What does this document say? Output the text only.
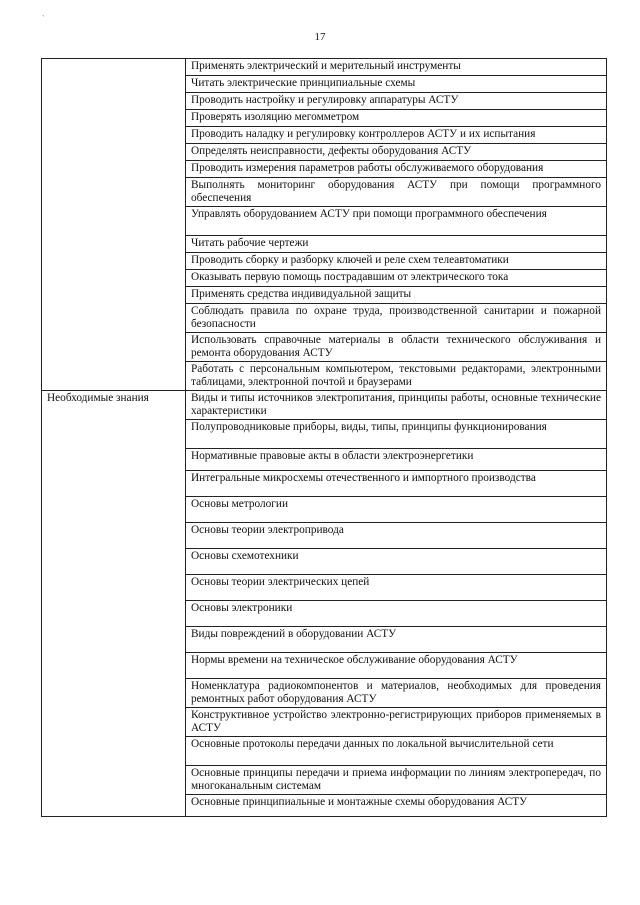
`
17
	Применять электрический и мерительный инструменты
	Читать электрические принципиальные схемы
	Проводить настройку и регулировку аппаратуры АСТУ
	Проверять изоляцию мегомметром
	Проводить наладку и регулировку контроллеров АСТУ и их испытания
	Определять неисправности, дефекты оборудования АСТУ
	Проводить измерения параметров работы обслуживаемого оборудования
	Выполнять мониторинг оборудования АСТУ при помощи программного обеспечения
	Управлять оборудованием АСТУ при помощи программного обеспечения
	Читать рабочие чертежи
	Проводить сборку и разборку ключей и реле схем телеавтоматики
	Оказывать первую помощь пострадавшим от электрического тока
	Применять средства индивидуальной защиты
	Соблюдать правила по охране труда, производственной санитарии и пожарной безопасности
	Использовать справочные материалы в области технического обслуживания и ремонта оборудования АСТУ
	Работать с персональным компьютером, текстовыми редакторами, электронными таблицами, электронной почтой и браузерами
Необходимые знания	Виды и типы источников электропитания, принципы работы, основные технические характеристики
	Полупроводниковые приборы, виды, типы, принципы функционирования
	Нормативные правовые акты в области электроэнергетики
	Интегральные микросхемы отечественного и импортного производства
	Основы метрологии
	Основы теории электропривода
	Основы схемотехники
	Основы теории электрических цепей
	Основы электроники
	Виды повреждений в оборудовании АСТУ
	Нормы времени на техническое обслуживание оборудования АСТУ
	Номенклатура радиокомпонентов и материалов, необходимых для проведения ремонтных работ оборудования АСТУ
	Конструктивное устройство электронно-регистрирующих приборов применяемых в АСТУ
	Основные протоколы передачи данных по локальной вычислительной сети
	Основные принципы передачи и приема информации по линиям электропередач, по многоканальным системам
	Основные принципиальные и монтажные схемы оборудования АСТУ
